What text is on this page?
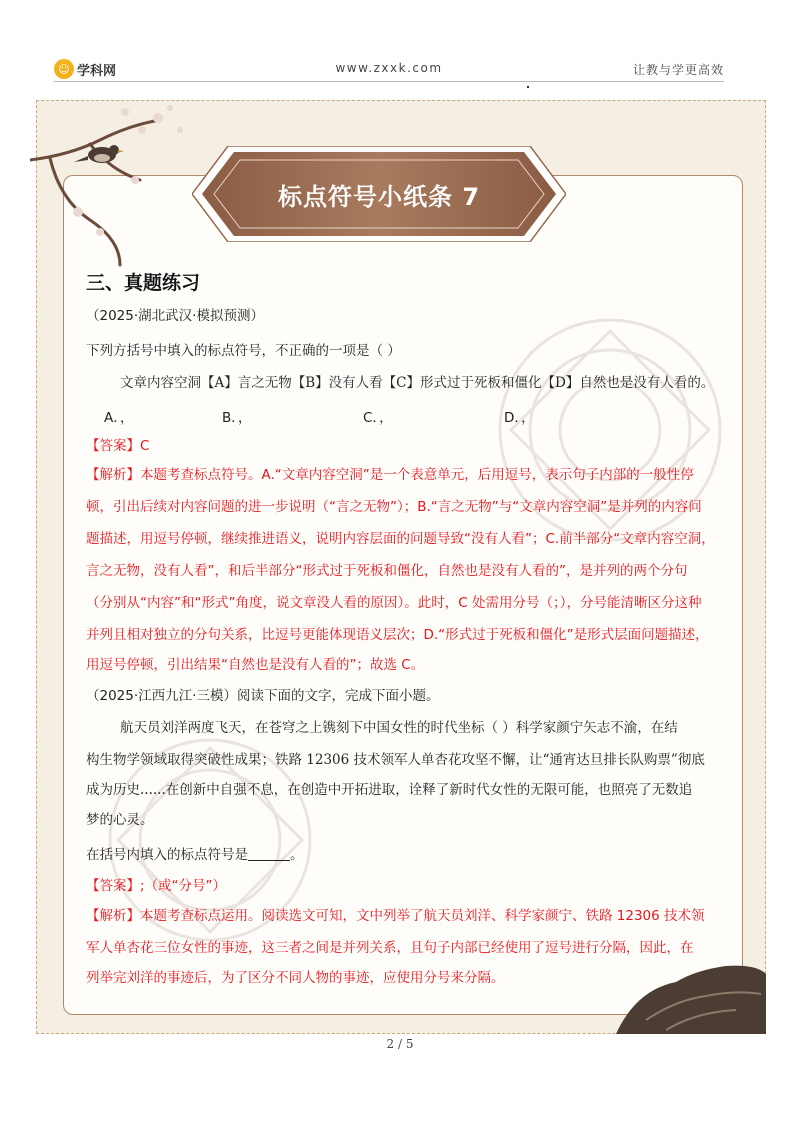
☺ 学科网	www.zxxk.com	让教与学更高效
标点符号小纸条 7
三、真题练习
（2025·湖北武汉·模拟预测）
下列方括号中填入的标点符号，不正确的一项是（ ）
文章内容空洞【A】言之无物【B】没有人看【C】形式过于死板和僵化【D】自然也是没有人看的。
A．，	B．，	C．，	D．，
【答案】C
【解析】本题考查标点符号。A.“文章内容空洞”是一个表意单元，后用逗号，表示句子内部的一般性停
顿，引出后续对内容问题的进一步说明（“言之无物”）；B.“言之无物”与“文章内容空洞”是并列的内容问
题描述，用逗号停顿，继续推进语义，说明内容层面的问题导致“没有人看”；C.前半部分“文章内容空洞，
言之无物，没有人看”，和后半部分“形式过于死板和僵化，自然也是没有人看的”，是并列的两个分句
（分别从“内容”和“形式”角度，说文章没人看的原因）。此时，C 处需用分号（；），分号能清晰区分这种
并列且相对独立的分句关系，比逗号更能体现语义层次；D.“形式过于死板和僵化”是形式层面问题描述，
用逗号停顿，引出结果“自然也是没有人看的”；故选 C。
（2025·江西九江·三模）阅读下面的文字，完成下面小题。
航天员刘洋两度飞天，在苍穹之上镌刻下中国女性的时代坐标（ ）科学家颜宁矢志不渝，在结
构生物学领域取得突破性成果；铁路 12306 技术领军人单杏花攻坚不懈，让“通宵达旦排长队购票”彻底
成为历史......在创新中自强不息，在创造中开拓进取，诠释了新时代女性的无限可能，也照亮了无数追
梦的心灵。
在括号内填入的标点符号是	。
【答案】;（或“分号”）
【解析】本题考查标点运用。阅读选文可知，文中列举了航天员刘洋、科学家颜宁、铁路 12306 技术领
军人单杏花三位女性的事迹，这三者之间是并列关系，且句子内部已经使用了逗号进行分隔，因此，在
列举完刘洋的事迹后，为了区分不同人物的事迹，应使用分号来分隔。
2 / 5
